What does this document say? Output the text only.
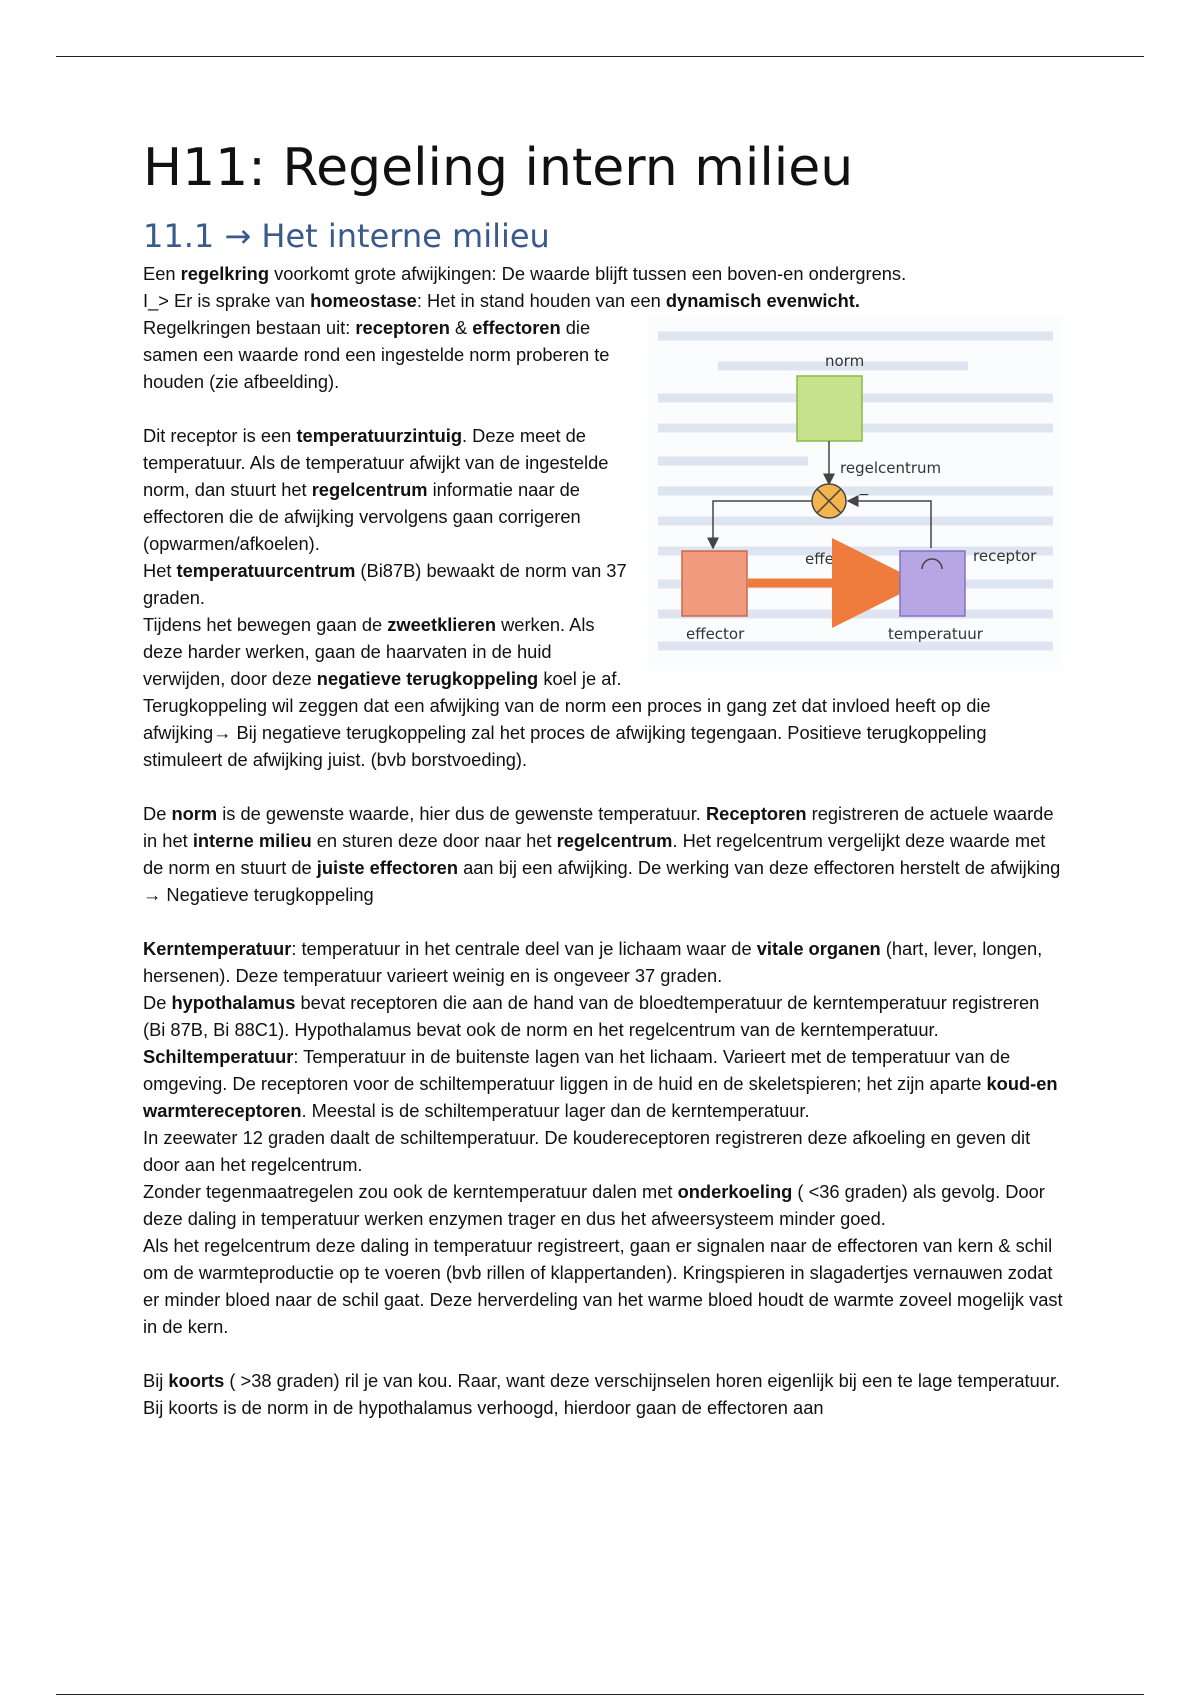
H11: Regeling intern milieu
11.1 → Het interne milieu

Een regelkring voorkomt grote afwijkingen: De waarde blijft tussen een boven-en ondergrens.

I_> Er is sprake van homeostase: Het in stand houden van een dynamisch evenwicht.

norm
regelcentrum
−
effector
effect	receptor
temperatuur

Regelkringen bestaan uit: receptoren & effectoren die samen een waarde rond een ingestelde norm proberen te houden (zie afbeelding).

Dit receptor is een temperatuurzintuig. Deze meet de temperatuur. Als de temperatuur afwijkt van de ingestelde norm, dan stuurt het regelcentrum informatie naar de effectoren die de afwijking vervolgens gaan corrigeren (opwarmen/afkoelen).

Het temperatuurcentrum (Bi87B) bewaakt de norm van 37 graden.

Tijdens het bewegen gaan de zweetklieren werken. Als deze harder werken, gaan de haarvaten in de huid verwijden, door deze negatieve terugkoppeling koel je af.

Terugkoppeling wil zeggen dat een afwijking van de norm een proces in gang zet dat invloed heeft op die afwijking→ Bij negatieve terugkoppeling zal het proces de afwijking tegengaan. Positieve terugkoppeling stimuleert de afwijking juist. (bvb borstvoeding).

De norm is de gewenste waarde, hier dus de gewenste temperatuur. Receptoren registreren de actuele waarde in het interne milieu en sturen deze door naar het regelcentrum. Het regelcentrum vergelijkt deze waarde met de norm en stuurt de juiste effectoren aan bij een afwijking. De werking van deze effectoren herstelt de afwijking → Negatieve terugkoppeling

Kerntemperatuur: temperatuur in het centrale deel van je lichaam waar de vitale organen (hart, lever, longen, hersenen). Deze temperatuur varieert weinig en is ongeveer 37 graden.

De hypothalamus bevat receptoren die aan de hand van de bloedtemperatuur de kerntemperatuur registreren (Bi 87B, Bi 88C1). Hypothalamus bevat ook de norm en het regelcentrum van de kerntemperatuur.

Schiltemperatuur: Temperatuur in de buitenste lagen van het lichaam. Varieert met de temperatuur van de omgeving. De receptoren voor de schiltemperatuur liggen in de huid en de skeletspieren; het zijn aparte koud-en warmtereceptoren. Meestal is de schiltemperatuur lager dan de kerntemperatuur.

In zeewater 12 graden daalt de schiltemperatuur. De koudereceptoren registreren deze afkoeling en geven dit door aan het regelcentrum.

Zonder tegenmaatregelen zou ook de kerntemperatuur dalen met onderkoeling ( <36 graden) als gevolg. Door deze daling in temperatuur werken enzymen trager en dus het afweersysteem minder goed.

Als het regelcentrum deze daling in temperatuur registreert, gaan er signalen naar de effectoren van kern & schil om de warmteproductie op te voeren (bvb rillen of klappertanden). Kringspieren in slagadertjes vernauwen zodat er minder bloed naar de schil gaat. Deze herverdeling van het warme bloed houdt de warmte zoveel mogelijk vast in de kern.

Bij koorts ( >38 graden) ril je van kou. Raar, want deze verschijnselen horen eigenlijk bij een te lage temperatuur. Bij koorts is de norm in de hypothalamus verhoogd, hierdoor gaan de effectoren aan
